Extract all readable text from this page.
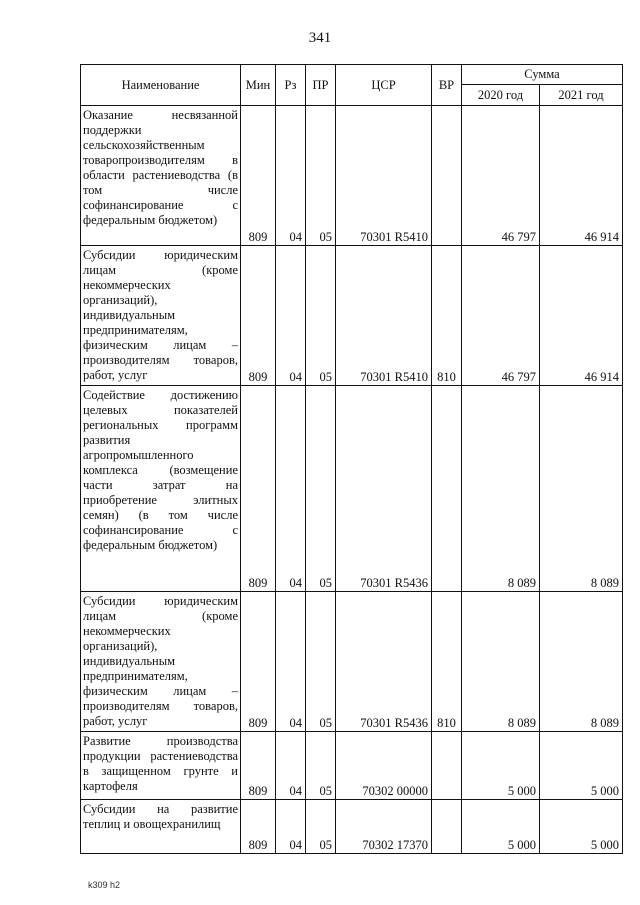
341
Наименование	Мин	Рз	ПР	ЦСР	ВР	Сумма	
						2020 год	2021 год
Оказание несвязанной поддержки сельскохозяйственным товаропроизводителям в области растениеводства (в том числе софинансирование с федеральным бюджетом)	809	04	05	70301 R5410		46 797	46 914
Субсидии юридическим лицам (кроме некоммерческих организаций), индивидуальным предпринимателям, физическим лицам – производителям товаров, работ, услуг	809	04	05	70301 R5410	810	46 797	46 914
Содействие достижению целевых показателей региональных программ развития агропромышленного комплекса (возмещение части затрат на приобретение элитных семян) (в том числе софинансирование с федеральным бюджетом)	809	04	05	70301 R5436		8 089	8 089
Субсидии юридическим лицам (кроме некоммерческих организаций), индивидуальным предпринимателям, физическим лицам – производителям товаров, работ, услуг	809	04	05	70301 R5436	810	8 089	8 089
Развитие производства продукции растениеводства в защищенном грунте и картофеля	809	04	05	70302 00000		5 000	5 000
Субсидии на развитие теплиц и овощехранилищ	809	04	05	70302 17370		5 000	5 000
k309 h2
